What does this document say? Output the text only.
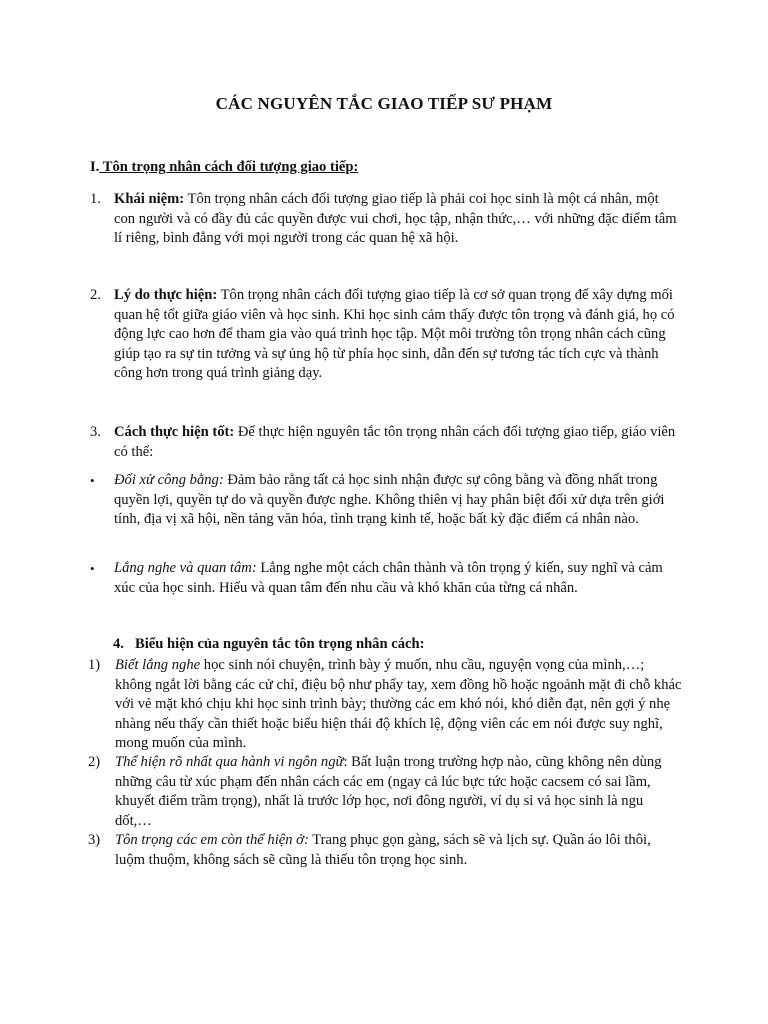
CÁC NGUYÊN TẮC GIAO TIẾP SƯ PHẠM
I. Tôn trọng nhân cách đối tượng giao tiếp:
1. Khái niệm: Tôn trọng nhân cách đối tượng giao tiếp là phải coi học sinh là một cá nhân, một con người và có đầy đủ các quyền được vui chơi, học tập, nhận thức,… với những đặc điểm tâm lí riêng, bình đẳng với mọi người trong các quan hệ xã hội.
2. Lý do thực hiện: Tôn trọng nhân cách đối tượng giao tiếp là cơ sở quan trọng để xây dựng mối quan hệ tốt giữa giáo viên và học sinh. Khi học sinh cảm thấy được tôn trọng và đánh giá, họ có động lực cao hơn để tham gia vào quá trình học tập. Một môi trường tôn trọng nhân cách cũng giúp tạo ra sự tin tưởng và sự ủng hộ từ phía học sinh, dẫn đến sự tương tác tích cực và thành công hơn trong quá trình giảng dạy.
3. Cách thực hiện tốt: Để thực hiện nguyên tắc tôn trọng nhân cách đối tượng giao tiếp, giáo viên có thể:
• Đối xử công bằng: Đảm bảo rằng tất cả học sinh nhận được sự công bằng và đồng nhất trong quyền lợi, quyền tự do và quyền được nghe. Không thiên vị hay phân biệt đối xử dựa trên giới tính, địa vị xã hội, nền tảng văn hóa, tình trạng kinh tế, hoặc bất kỳ đặc điểm cá nhân nào.
• Lắng nghe và quan tâm: Lắng nghe một cách chân thành và tôn trọng ý kiến, suy nghĩ và cảm xúc của học sinh. Hiểu và quan tâm đến nhu cầu và khó khăn của từng cá nhân.
4. Biểu hiện của nguyên tắc tôn trọng nhân cách:
1) Biết lắng nghe học sinh nói chuyện, trình bày ý muốn, nhu cầu, nguyện vọng của mình,…; không ngắt lời bằng các cử chỉ, điệu bộ như phẩy tay, xem đồng hồ hoặc ngoảnh mặt đi chỗ khác với vẻ mặt khó chịu khi học sinh trình bày; thường các em khó nói, khó diễn đạt, nên gợi ý nhẹ nhàng nếu thấy cần thiết hoặc biểu hiện thái độ khích lệ, động viên các em nói được suy nghĩ, mong muốn của mình.
2) Thể hiện rõ nhất qua hành vi ngôn ngữ: Bất luận trong trường hợp nào, cũng không nên dùng những câu từ xúc phạm đến nhân cách các em (ngay cả lúc bực tức hoặc cacsem có sai lầm, khuyết điểm trầm trọng), nhất là trước lớp học, nơi đông người, ví dụ sỉ vả học sinh là ngu dốt,…
3) Tôn trọng các em còn thể hiện ở: Trang phục gọn gàng, sách sẽ và lịch sự. Quần áo lôi thôi, luộm thuộm, không sách sẽ cũng là thiếu tôn trọng học sinh.
